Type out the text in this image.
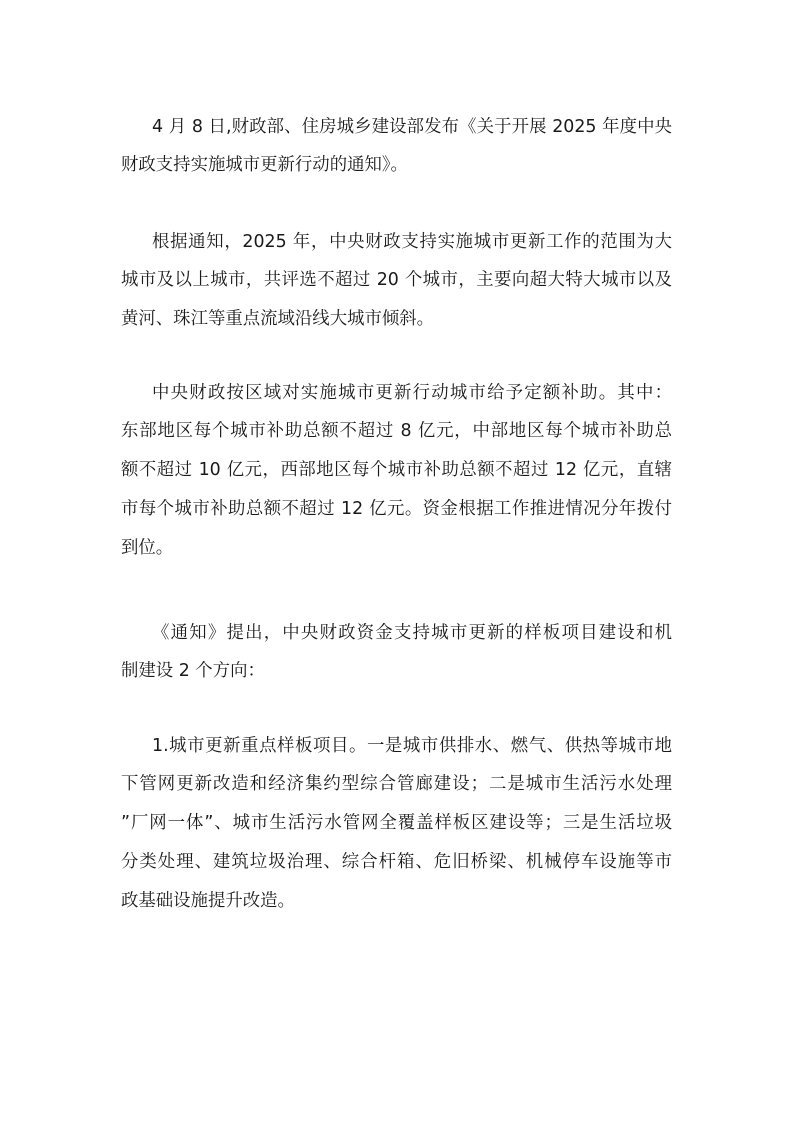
4 月 8 日,财政部、住房城乡建设部发布《关于开展 2025 年度中央
财政支持实施城市更新行动的通知》。

根据通知，2025 年，中央财政支持实施城市更新工作的范围为大
城市及以上城市，共评选不超过 20 个城市，主要向超大特大城市以及
黄河、珠江等重点流域沿线大城市倾斜。

中央财政按区域对实施城市更新行动城市给予定额补助。其中：
东部地区每个城市补助总额不超过 8 亿元，中部地区每个城市补助总
额不超过 10 亿元，西部地区每个城市补助总额不超过 12 亿元，直辖
市每个城市补助总额不超过 12 亿元。资金根据工作推进情况分年拨付
到位。

《通知》提出，中央财政资金支持城市更新的样板项目建设和机
制建设 2 个方向：

1.城市更新重点样板项目。一是城市供排水、燃气、供热等城市地
下管网更新改造和经济集约型综合管廊建设；二是城市生活污水处理
”厂网一体”、城市生活污水管网全覆盖样板区建设等；三是生活垃圾
分类处理、建筑垃圾治理、综合杆箱、危旧桥梁、机械停车设施等市
政基础设施提升改造。
